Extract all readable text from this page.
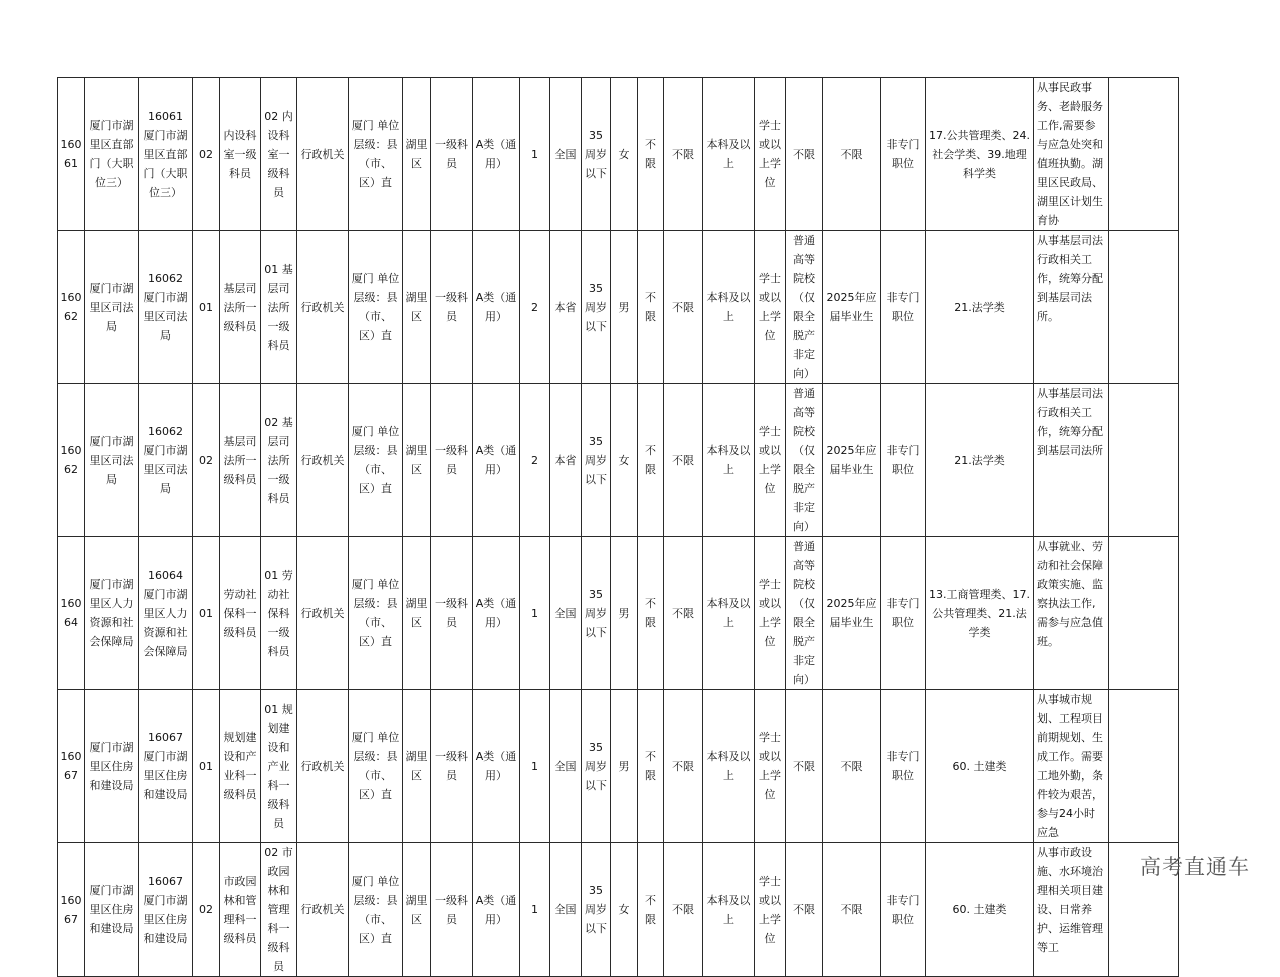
16061	厦门市湖里区直部门（大职位三）	16061 厦门市湖里区直部门（大职位三）	02	内设科室一级科员	02 内设科室一级科员	行政机关	厦门 单位层级：县（市、区）直	湖里区	一级科员	A类（通用）	1	全国	35周岁以下	女	不限	不限	本科及以上	学士或以上学位	不限	不限	非专门职位	17.公共管理类、24.社会学类、39.地理科学类	从事民政事务、老龄服务工作,需要参与应急处突和值班执勤。湖里区民政局、湖里区计划生育协	
16062	厦门市湖里区司法局	16062 厦门市湖里区司法局	01	基层司法所一级科员	01 基层司法所一级科员	行政机关	厦门 单位层级：县（市、区）直	湖里区	一级科员	A类（通用）	2	本省	35周岁以下	男	不限	不限	本科及以上	学士或以上学位	普通高等院校（仅限全脱产非定向）	2025年应届毕业生	非专门职位	21.法学类	从事基层司法行政相关工作，统筹分配到基层司法所。	
16062	厦门市湖里区司法局	16062 厦门市湖里区司法局	02	基层司法所一级科员	02 基层司法所一级科员	行政机关	厦门 单位层级：县（市、区）直	湖里区	一级科员	A类（通用）	2	本省	35周岁以下	女	不限	不限	本科及以上	学士或以上学位	普通高等院校（仅限全脱产非定向）	2025年应届毕业生	非专门职位	21.法学类	从事基层司法行政相关工作，统筹分配到基层司法所	
16064	厦门市湖里区人力资源和社会保障局	16064 厦门市湖里区人力资源和社会保障局	01	劳动社保科一级科员	01 劳动社保科一级科员	行政机关	厦门 单位层级：县（市、区）直	湖里区	一级科员	A类（通用）	1	全国	35周岁以下	男	不限	不限	本科及以上	学士或以上学位	普通高等院校（仅限全脱产非定向）	2025年应届毕业生	非专门职位	13.工商管理类、17.公共管理类、21.法学类	从事就业、劳动和社会保障政策实施、监察执法工作,需参与应急值班。	
16067	厦门市湖里区住房和建设局	16067 厦门市湖里区住房和建设局	01	规划建设和产业科一级科员	01 规划建设和产业科一级科员	行政机关	厦门 单位层级：县（市、区）直	湖里区	一级科员	A类（通用）	1	全国	35周岁以下	男	不限	不限	本科及以上	学士或以上学位	不限	不限	非专门职位	60. 土建类	从事城市规划、工程项目前期规划、生成工作。需要工地外勤，条件较为艰苦，参与24小时应急	
16067	厦门市湖里区住房和建设局	16067 厦门市湖里区住房和建设局	02	市政园林和管理科一级科员	02 市政园林和管理科一级科员	行政机关	厦门 单位层级：县（市、区）直	湖里区	一级科员	A类（通用）	1	全国	35周岁以下	女	不限	不限	本科及以上	学士或以上学位	不限	不限	非专门职位	60. 土建类	从事市政设施、水环境治理相关项目建设、日常养护、运维管理等工	
高考直通车
